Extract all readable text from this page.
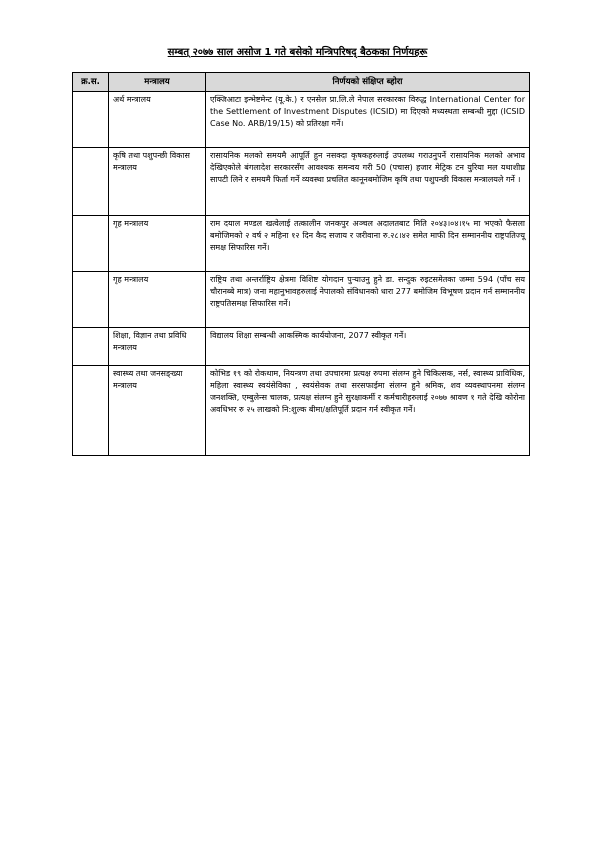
सम्बत् २०७७ साल असोज 1 गते बसेको मन्त्रिपरिषद् बैठकका निर्णयहरू
क्र.स.	मन्त्रालय	निर्णयको संक्षिप्त ब्होरा
	अर्थ मन्त्रालय	एक्जिआटा इन्भेष्टमेन्ट (यू.के.) र एनसेल प्रा.लि.ले नेपाल सरकारका विरुद्ध International Center for the Settlement of Investment Disputes (ICSID) मा दिएको मध्यस्थता सम्बन्धी मुद्दा (ICSID Case No. ARB/19/15) को प्रतिरक्षा गर्ने।
	कृषि तथा पशुपन्छी विकास मन्त्रालय	रासायनिक मलको समयमै आपूर्ति हुन नसक्दा कृषकहरुलाई उपलब्ध गराउनुपर्ने रासायनिक मलको अभाव देखिएकोले बंगलादेश सरकारसँग आवश्यक समन्वय गरी 50 (पचास) हजार मेट्रिक टन युरिया मल यथाशीघ्र सापटी लिने र समयमै फिर्ता गर्ने व्यवस्था प्रचलित कानूनबमोजिम कृषि तथा पशुपन्छी विकास मन्त्रालयले गर्ने ।
	गृह मन्त्रालय	राम दयाल मण्डल खत्वेलाई तत्कालीन जनकपुर अञ्चल अदालतबाट मिति २०४३।०४।१५ मा भएको फैसला बमोजिमको २ वर्ष २ महिना १२ दिन कैद सजाय र जरीवाना रु.२८।४२ समेत माफी दिन सम्माननीय राष्ट्रपतिज्यू समक्ष सिफारिस गर्ने।
	गृह मन्त्रालय	राष्ट्रिय तथा अन्तर्राष्ट्रिय क्षेत्रमा विशिष्ट योगदान पुऱ्याउनु हुने डा. सन्दुक रुइटसमेतका जम्मा 594 (पाँच सय चौरानब्बे मात्र) जना महानुभावहरुलाई नेपालको संविधानको धारा 277 बमोजिम विभूषण प्रदान गर्न सम्माननीय राष्ट्रपतिसमक्ष सिफारिस गर्ने।
	शिक्षा, विज्ञान तथा प्रविधि मन्त्रालय	विद्यालय शिक्षा सम्बन्धी आकस्मिक कार्ययोजना, 2077 स्वीकृत गर्ने।
	स्वास्थ्य तथा जनसङ्ख्या मन्त्रालय	कोभिड १९ को रोकथाम, नियन्त्रण तथा उपचारमा प्रत्यक्ष रुपमा संलग्न हुने चिकित्सक, नर्स, स्वास्थ्य प्राविधिक, महिला स्वास्थ्य स्वयंसेविका , स्वयंसेवक तथा सरसफाईमा संलग्न हुने श्रमिक, शव व्यवस्थापनमा संलग्न जनशक्ति, एम्बुलेन्स चालक, प्रत्यक्ष संलग्न हुने सुरक्षाकर्मी र कर्मचारीहरुलाई २०७७ श्रावण १ गते देखि कोरोना अवधिभर रु २५ लाखको नि:शुल्क बीमा/क्षतिपूर्ति प्रदान गर्न स्वीकृत गर्ने।
